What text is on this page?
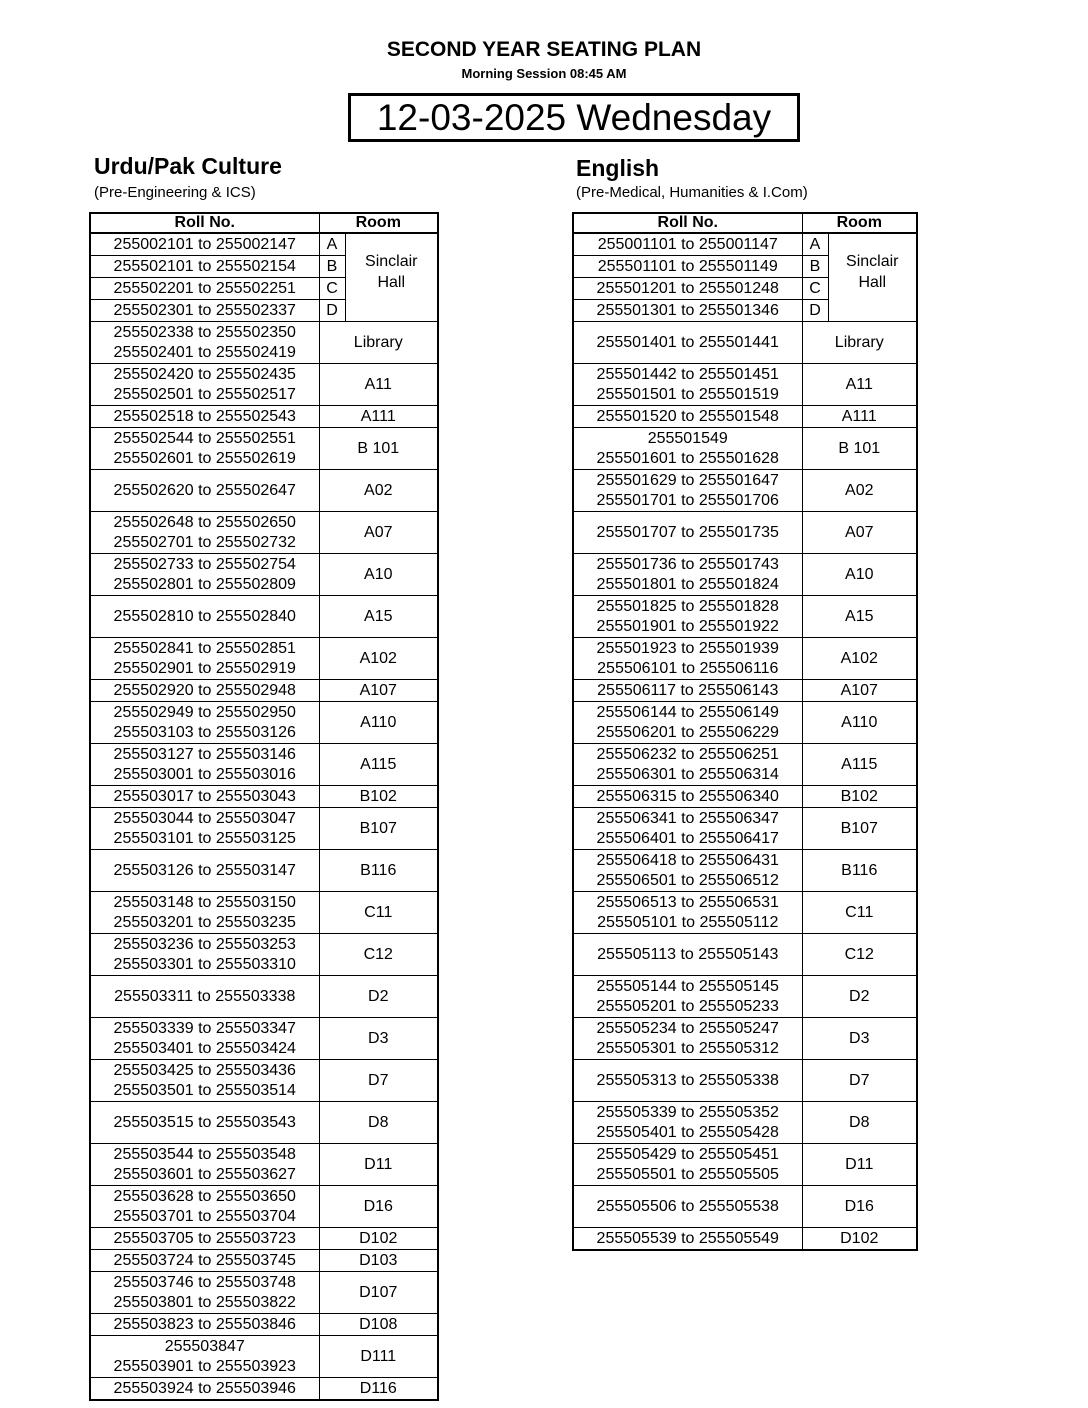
SECOND YEAR SEATING PLAN
Morning Session 08:45 AM
12-03-2025 Wednesday
Urdu/Pak Culture
(Pre-Engineering & ICS)
English
(Pre-Medical, Humanities & I.Com)
Roll No.	Room	
255002101 to 255002147	A	Sinclair Hall
255502101 to 255502154	B	
255502201 to 255502251	C	
255502301 to 255502337	D	

255502338 to 255502350
255502401 to 255502419	Library	

255502420 to 255502435
255502501 to 255502517	A11	

255502518 to 255502543	A111	

255502544 to 255502551
255502601 to 255502619	B 101	

255502620 to 255502647	A02	

255502648 to 255502650
255502701 to 255502732	A07	

255502733 to 255502754
255502801 to 255502809	A10	

255502810 to 255502840	A15	

255502841 to 255502851
255502901 to 255502919	A102	

255502920 to 255502948	A107	

255502949 to 255502950
255503103 to 255503126	A110	

255503127 to 255503146
255503001 to 255503016	A115	

255503017 to 255503043	B102	

255503044 to 255503047
255503101 to 255503125	B107	

255503126 to 255503147	B116	

255503148 to 255503150
255503201 to 255503235	C11	

255503236 to 255503253
255503301 to 255503310	C12	

255503311 to 255503338	D2	

255503339 to 255503347
255503401 to 255503424	D3	

255503425 to 255503436
255503501 to 255503514	D7	

255503515 to 255503543	D8	

255503544 to 255503548
255503601 to 255503627	D11	

255503628 to 255503650
255503701 to 255503704	D16	

255503705 to 255503723	D102	

255503724 to 255503745	D103	

255503746 to 255503748
255503801 to 255503822	D107	

255503823 to 255503846	D108	

255503847
255503901 to 255503923	D111	

255503924 to 255503946	D116	
Roll No.	Room	
255001101 to 255001147	A	Sinclair Hall
255501101 to 255501149	B	
255501201 to 255501248	C	
255501301 to 255501346	D	

255501401 to 255501441	Library	

255501442 to 255501451
255501501 to 255501519	A11	

255501520 to 255501548	A111	

255501549
255501601 to 255501628	B 101	

255501629 to 255501647
255501701 to 255501706	A02	

255501707 to 255501735	A07	

255501736 to 255501743
255501801 to 255501824	A10	

255501825 to 255501828
255501901 to 255501922	A15	

255501923 to 255501939
255506101 to 255506116	A102	

255506117 to 255506143	A107	

255506144 to 255506149
255506201 to 255506229	A110	

255506232 to 255506251
255506301 to 255506314	A115	

255506315 to 255506340	B102	

255506341 to 255506347
255506401 to 255506417	B107	

255506418 to 255506431
255506501 to 255506512	B116	

255506513 to 255506531
255505101 to 255505112	C11	

255505113 to 255505143	C12	

255505144 to 255505145
255505201 to 255505233	D2	

255505234 to 255505247
255505301 to 255505312	D3	

255505313 to 255505338	D7	

255505339 to 255505352
255505401 to 255505428	D8	

255505429 to 255505451
255505501 to 255505505	D11	

255505506 to 255505538	D16	

255505539 to 255505549	D102	
